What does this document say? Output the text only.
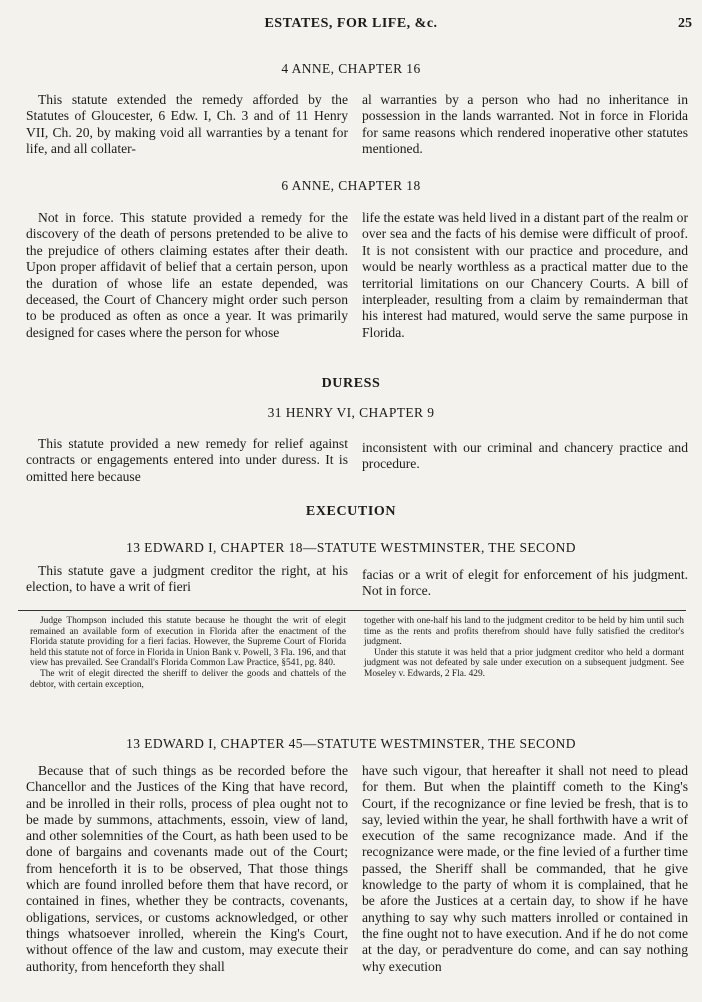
ESTATES, FOR LIFE, &c.	25
4 ANNE, CHAPTER 16

This statute extended the remedy afforded by the Statutes of Gloucester, 6 Edw. I, Ch. 3 and of 11 Henry VII, Ch. 20, by making void all warranties by a tenant for life, and all collater-

al warranties by a person who had no inheritance in possession in the lands warranted. Not in force in Florida for same reasons which rendered inoperative other statutes mentioned.

6 ANNE, CHAPTER 18

Not in force. This statute provided a remedy for the discovery of the death of persons pretended to be alive to the prejudice of others claiming estates after their death. Upon proper affidavit of belief that a certain person, upon the duration of whose life an estate depended, was deceased, the Court of Chancery might order such person to be produced as often as once a year. It was primarily designed for cases where the person for whose

life the estate was held lived in a distant part of the realm or over sea and the facts of his demise were difficult of proof. It is not consistent with our practice and procedure, and would be nearly worthless as a practical matter due to the territorial limitations on our Chancery Courts. A bill of interpleader, resulting from a claim by remainderman that his interest had matured, would serve the same purpose in Florida.

DURESS
31 HENRY VI, CHAPTER 9

This statute provided a new remedy for relief against contracts or engagements entered into under duress. It is omitted here because

inconsistent with our criminal and chancery practice and procedure.

EXECUTION
13 EDWARD I, CHAPTER 18—STATUTE WESTMINSTER, THE SECOND

This statute gave a judgment creditor the right, at his election, to have a writ of fieri

facias or a writ of elegit for enforcement of his judgment. Not in force.

Judge Thompson included this statute because he thought the writ of elegit remained an available form of execution in Florida after the enactment of the Florida statute providing for a fieri facias. However, the Supreme Court of Florida held this statute not of force in Florida in Union Bank v. Powell, 3 Fla. 196, and that view has prevailed. See Crandall's Florida Common Law Practice, §541, pg. 840.

The writ of elegit directed the sheriff to deliver the goods and chattels of the debtor, with certain exception,

together with one-half his land to the judgment creditor to be held by him until such time as the rents and profits therefrom should have fully satisfied the creditor's judgment.

Under this statute it was held that a prior judgment creditor who held a dormant judgment was not defeated by sale under execution on a subsequent judgment. See Moseley v. Edwards, 2 Fla. 429.

13 EDWARD I, CHAPTER 45—STATUTE WESTMINSTER, THE SECOND

Because that of such things as be recorded before the Chancellor and the Justices of the King that have record, and be inrolled in their rolls, process of plea ought not to be made by summons, attachments, essoin, view of land, and other solemnities of the Court, as hath been used to be done of bargains and covenants made out of the Court; from henceforth it is to be observed, That those things which are found inrolled before them that have record, or contained in fines, whether they be contracts, covenants, obligations, services, or customs acknowledged, or other things whatsoever inrolled, wherein the King's Court, without offence of the law and custom, may execute their authority, from henceforth they shall

have such vigour, that hereafter it shall not need to plead for them. But when the plaintiff cometh to the King's Court, if the recognizance or fine levied be fresh, that is to say, levied within the year, he shall forthwith have a writ of execution of the same recognizance made. And if the recognizance were made, or the fine levied of a further time passed, the Sheriff shall be commanded, that he give knowledge to the party of whom it is complained, that he be afore the Justices at a certain day, to show if he have anything to say why such matters inrolled or contained in the fine ought not to have execution. And if he do not come at the day, or peradventure do come, and can say nothing why execution
